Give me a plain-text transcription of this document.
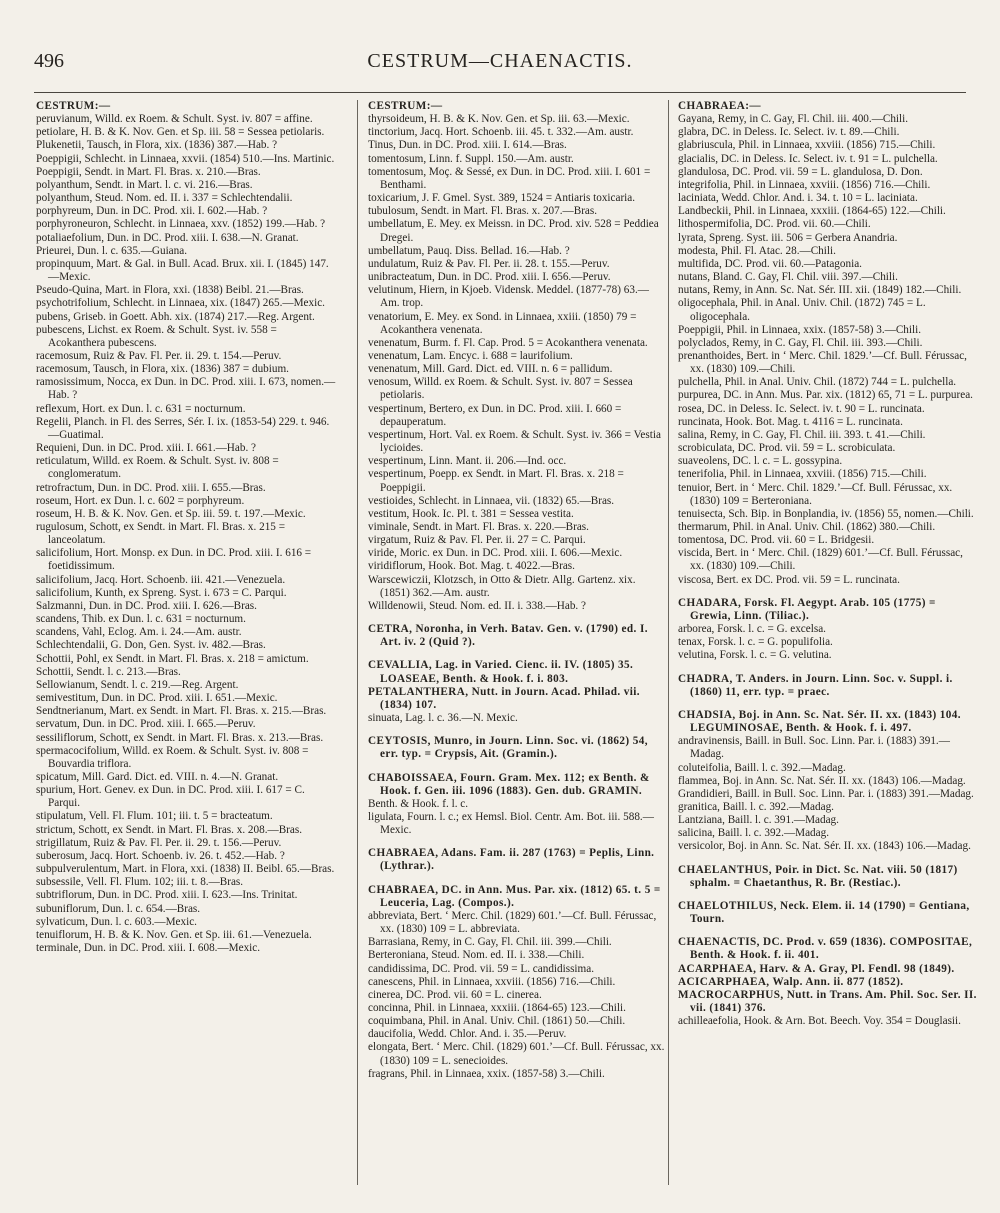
496	CESTRUM—CHAENACTIS.

CESTRUM:—

peruvianum, Willd. ex Roem. & Schult. Syst. iv. 807 = affine.

petiolare, H. B. & K. Nov. Gen. et Sp. iii. 58 = Sessea petiolaris.

Plukenetii, Tausch, in Flora, xix. (1836) 387.—Hab. ?

Poeppigii, Schlecht. in Linnaea, xxvii. (1854) 510.—Ins. Martinic.

Poeppigii, Sendt. in Mart. Fl. Bras. x. 210.—Bras.

polyanthum, Sendt. in Mart. l. c. vi. 216.—Bras.

polyanthum, Steud. Nom. ed. II. i. 337 = Schlechtendalii.

porphyreum, Dun. in DC. Prod. xii. I. 602.—Hab. ?

porphyroneuron, Schlecht. in Linnaea, xxv. (1852) 199.—Hab. ?

potaliaefolium, Dun. in DC. Prod. xiii. I. 638.—N. Granat.

Prieurei, Dun. l. c. 635.—Guiana.

propinquum, Mart. & Gal. in Bull. Acad. Brux. xii. I. (1845) 147.—Mexic.

Pseudo-Quina, Mart. in Flora, xxi. (1838) Beibl. 21.—Bras.

psychotrifolium, Schlecht. in Linnaea, xix. (1847) 265.—Mexic.

pubens, Griseb. in Goett. Abh. xix. (1874) 217.—Reg. Argent.

pubescens, Lichst. ex Roem. & Schult. Syst. iv. 558 = Acokanthera pubescens.

racemosum, Ruiz & Pav. Fl. Per. ii. 29. t. 154.—Peruv.

racemosum, Tausch, in Flora, xix. (1836) 387 = dubium.

ramosissimum, Nocca, ex Dun. in DC. Prod. xiii. I. 673, nomen.—Hab. ?

reflexum, Hort. ex Dun. l. c. 631 = nocturnum.

Regelii, Planch. in Fl. des Serres, Sér. I. ix. (1853-54) 229. t. 946.—Guatimal.

Requieni, Dun. in DC. Prod. xiii. I. 661.—Hab. ?

reticulatum, Willd. ex Roem. & Schult. Syst. iv. 808 = conglomeratum.

retrofractum, Dun. in DC. Prod. xiii. I. 655.—Bras.

roseum, Hort. ex Dun. l. c. 602 = porphyreum.

roseum, H. B. & K. Nov. Gen. et Sp. iii. 59. t. 197.—Mexic.

rugulosum, Schott, ex Sendt. in Mart. Fl. Bras. x. 215 = lanceolatum.

salicifolium, Hort. Monsp. ex Dun. in DC. Prod. xiii. I. 616 = foetidissimum.

salicifolium, Jacq. Hort. Schoenb. iii. 421.—Venezuela.

salicifolium, Kunth, ex Spreng. Syst. i. 673 = C. Parqui.

Salzmanni, Dun. in DC. Prod. xiii. I. 626.—Bras.

scandens, Thib. ex Dun. l. c. 631 = nocturnum.

scandens, Vahl, Eclog. Am. i. 24.—Am. austr.

Schlechtendalii, G. Don, Gen. Syst. iv. 482.—Bras.

Schottii, Pohl, ex Sendt. in Mart. Fl. Bras. x. 218 = amictum.

Schottii, Sendt. l. c. 213.—Bras.

Sellowianum, Sendt. l. c. 219.—Reg. Argent.

semivestitum, Dun. in DC. Prod. xiii. I. 651.—Mexic.

Sendtnerianum, Mart. ex Sendt. in Mart. Fl. Bras. x. 215.—Bras.

servatum, Dun. in DC. Prod. xiii. I. 665.—Peruv.

sessiliflorum, Schott, ex Sendt. in Mart. Fl. Bras. x. 213.—Bras.

spermacocifolium, Willd. ex Roem. & Schult. Syst. iv. 808 = Bouvardia triflora.

spicatum, Mill. Gard. Dict. ed. VIII. n. 4.—N. Granat.

spurium, Hort. Genev. ex Dun. in DC. Prod. xiii. I. 617 = C. Parqui.

stipulatum, Vell. Fl. Flum. 101; iii. t. 5 = bracteatum.

strictum, Schott, ex Sendt. in Mart. Fl. Bras. x. 208.—Bras.

strigillatum, Ruiz & Pav. Fl. Per. ii. 29. t. 156.—Peruv.

suberosum, Jacq. Hort. Schoenb. iv. 26. t. 452.—Hab. ?

subpulverulentum, Mart. in Flora, xxi. (1838) II. Beibl. 65.—Bras.

subsessile, Vell. Fl. Flum. 102; iii. t. 8.—Bras.

subtriflorum, Dun. in DC. Prod. xiii. I. 623.—Ins. Trinitat.

subuniflorum, Dun. l. c. 654.—Bras.

sylvaticum, Dun. l. c. 603.—Mexic.

tenuiflorum, H. B. & K. Nov. Gen. et Sp. iii. 61.—Venezuela.

terminale, Dun. in DC. Prod. xiii. I. 608.—Mexic.

CESTRUM:—

thyrsoideum, H. B. & K. Nov. Gen. et Sp. iii. 63.—Mexic.

tinctorium, Jacq. Hort. Schoenb. iii. 45. t. 332.—Am. austr.

Tinus, Dun. in DC. Prod. xiii. I. 614.—Bras.

tomentosum, Linn. f. Suppl. 150.—Am. austr.

tomentosum, Moç. & Sessé, ex Dun. in DC. Prod. xiii. I. 601 = Benthami.

toxicarium, J. F. Gmel. Syst. 389, 1524 = Antiaris toxicaria.

tubulosum, Sendt. in Mart. Fl. Bras. x. 207.—Bras.

umbellatum, E. Mey. ex Meissn. in DC. Prod. xiv. 528 = Peddiea Dregei.

umbellatum, Pauq. Diss. Bellad. 16.—Hab. ?

undulatum, Ruiz & Pav. Fl. Per. ii. 28. t. 155.—Peruv.

unibracteatum, Dun. in DC. Prod. xiii. I. 656.—Peruv.

velutinum, Hiern, in Kjoeb. Vidensk. Meddel. (1877-78) 63.—Am. trop.

venatorium, E. Mey. ex Sond. in Linnaea, xxiii. (1850) 79 = Acokanthera venenata.

venenatum, Burm. f. Fl. Cap. Prod. 5 = Acokanthera venenata.

venenatum, Lam. Encyc. i. 688 = laurifolium.

venenatum, Mill. Gard. Dict. ed. VIII. n. 6 = pallidum.

venosum, Willd. ex Roem. & Schult. Syst. iv. 807 = Sessea petiolaris.

vespertinum, Bertero, ex Dun. in DC. Prod. xiii. I. 660 = depauperatum.

vespertinum, Hort. Val. ex Roem. & Schult. Syst. iv. 366 = Vestia lycioides.

vespertinum, Linn. Mant. ii. 206.—Ind. occ.

vespertinum, Poepp. ex Sendt. in Mart. Fl. Bras. x. 218 = Poeppigii.

vestioides, Schlecht. in Linnaea, vii. (1832) 65.—Bras.

vestitum, Hook. Ic. Pl. t. 381 = Sessea vestita.

viminale, Sendt. in Mart. Fl. Bras. x. 220.—Bras.

virgatum, Ruiz & Pav. Fl. Per. ii. 27 = C. Parqui.

viride, Moric. ex Dun. in DC. Prod. xiii. I. 606.—Mexic.

viridiflorum, Hook. Bot. Mag. t. 4022.—Bras.

Warscewiczii, Klotzsch, in Otto & Dietr. Allg. Gartenz. xix. (1851) 362.—Am. austr.

Willdenowii, Steud. Nom. ed. II. i. 338.—Hab. ?

CETRA, Noronha, in Verh. Batav. Gen. v. (1790) ed. I. Art. iv. 2 (Quid ?).

CEVALLIA, Lag. in Varied. Cienc. ii. IV. (1805) 35. LOASEAE, Benth. & Hook. f. i. 803.

PETALANTHERA, Nutt. in Journ. Acad. Philad. vii. (1834) 107.

sinuata, Lag. l. c. 36.—N. Mexic.

CEYTOSIS, Munro, in Journ. Linn. Soc. vi. (1862) 54, err. typ. = Crypsis, Ait. (Gramin.).

CHABOISSAEA, Fourn. Gram. Mex. 112; ex Benth. & Hook. f. Gen. iii. 1096 (1883). Gen. dub. GRAMIN.

Benth. & Hook. f. l. c.

ligulata, Fourn. l. c.; ex Hemsl. Biol. Centr. Am. Bot. iii. 588.—Mexic.

CHABRAEA, Adans. Fam. ii. 287 (1763) = Peplis, Linn. (Lythrar.).

CHABRAEA, DC. in Ann. Mus. Par. xix. (1812) 65. t. 5 = Leuceria, Lag. (Compos.).

abbreviata, Bert. ‘ Merc. Chil. (1829) 601.’—Cf. Bull. Férussac, xx. (1830) 109 = L. abbreviata.

Barrasiana, Remy, in C. Gay, Fl. Chil. iii. 399.—Chili.

Berteroniana, Steud. Nom. ed. II. i. 338.—Chili.

candidissima, DC. Prod. vii. 59 = L. candidissima.

canescens, Phil. in Linnaea, xxviii. (1856) 716.—Chili.

cinerea, DC. Prod. vii. 60 = L. cinerea.

concinna, Phil. in Linnaea, xxxiii. (1864-65) 123.—Chili.

coquimbana, Phil. in Anal. Univ. Chil. (1861) 50.—Chili.

daucifolia, Wedd. Chlor. And. i. 35.—Peruv.

elongata, Bert. ‘ Merc. Chil. (1829) 601.’—Cf. Bull. Férussac, xx. (1830) 109 = L. senecioides.

fragrans, Phil. in Linnaea, xxix. (1857-58) 3.—Chili.

CHABRAEA:—

Gayana, Remy, in C. Gay, Fl. Chil. iii. 400.—Chili.

glabra, DC. in Deless. Ic. Select. iv. t. 89.—Chili.

glabriuscula, Phil. in Linnaea, xxviii. (1856) 715.—Chili.

glacialis, DC. in Deless. Ic. Select. iv. t. 91 = L. pulchella.

glandulosa, DC. Prod. vii. 59 = L. glandulosa, D. Don.

integrifolia, Phil. in Linnaea, xxviii. (1856) 716.—Chili.

laciniata, Wedd. Chlor. And. i. 34. t. 10 = L. laciniata.

Landbeckii, Phil. in Linnaea, xxxiii. (1864-65) 122.—Chili.

lithospermifolia, DC. Prod. vii. 60.—Chili.

lyrata, Spreng. Syst. iii. 506 = Gerbera Anandria.

modesta, Phil. Fl. Atac. 28.—Chili.

multifida, DC. Prod. vii. 60.—Patagonia.

nutans, Bland. C. Gay, Fl. Chil. viii. 397.—Chili.

nutans, Remy, in Ann. Sc. Nat. Sér. III. xii. (1849) 182.—Chili.

oligocephala, Phil. in Anal. Univ. Chil. (1872) 745 = L. oligocephala.

Poeppigii, Phil. in Linnaea, xxix. (1857-58) 3.—Chili.

polyclados, Remy, in C. Gay, Fl. Chil. iii. 393.—Chili.

prenanthoides, Bert. in ‘ Merc. Chil. 1829.’—Cf. Bull. Férussac, xx. (1830) 109.—Chili.

pulchella, Phil. in Anal. Univ. Chil. (1872) 744 = L. pulchella.

purpurea, DC. in Ann. Mus. Par. xix. (1812) 65, 71 = L. purpurea.

rosea, DC. in Deless. Ic. Select. iv. t. 90 = L. runcinata.

runcinata, Hook. Bot. Mag. t. 4116 = L. runcinata.

salina, Remy, in C. Gay, Fl. Chil. iii. 393. t. 41.—Chili.

scrobiculata, DC. Prod. vii. 59 = L. scrobiculata.

suaveolens, DC. l. c. = L. gossypina.

tenerifolia, Phil. in Linnaea, xxviii. (1856) 715.—Chili.

tenuior, Bert. in ‘ Merc. Chil. 1829.’—Cf. Bull. Férussac, xx. (1830) 109 = Berteroniana.

tenuisecta, Sch. Bip. in Bonplandia, iv. (1856) 55, nomen.—Chili.

thermarum, Phil. in Anal. Univ. Chil. (1862) 380.—Chili.

tomentosa, DC. Prod. vii. 60 = L. Bridgesii.

viscida, Bert. in ‘ Merc. Chil. (1829) 601.’—Cf. Bull. Férussac, xx. (1830) 109.—Chili.

viscosa, Bert. ex DC. Prod. vii. 59 = L. runcinata.

CHADARA, Forsk. Fl. Aegypt. Arab. 105 (1775) = Grewia, Linn. (Tiliac.).

arborea, Forsk. l. c. = G. excelsa.

tenax, Forsk. l. c. = G. populifolia.

velutina, Forsk. l. c. = G. velutina.

CHADRA, T. Anders. in Journ. Linn. Soc. v. Suppl. i. (1860) 11, err. typ. = praec.

CHADSIA, Boj. in Ann. Sc. Nat. Sér. II. xx. (1843) 104. LEGUMINOSAE, Benth. & Hook. f. i. 497.

andravinensis, Baill. in Bull. Soc. Linn. Par. i. (1883) 391.—Madag.

coluteifolia, Baill. l. c. 392.—Madag.

flammea, Boj. in Ann. Sc. Nat. Sér. II. xx. (1843) 106.—Madag.

Grandidieri, Baill. in Bull. Soc. Linn. Par. i. (1883) 391.—Madag.

granitica, Baill. l. c. 392.—Madag.

Lantziana, Baill. l. c. 391.—Madag.

salicina, Baill. l. c. 392.—Madag.

versicolor, Boj. in Ann. Sc. Nat. Sér. II. xx. (1843) 106.—Madag.

CHAELANTHUS, Poir. in Dict. Sc. Nat. viii. 50 (1817) sphalm. = Chaetanthus, R. Br. (Restiac.).

CHAELOTHILUS, Neck. Elem. ii. 14 (1790) = Gentiana, Tourn.

CHAENACTIS, DC. Prod. v. 659 (1836). COMPOSITAE, Benth. & Hook. f. ii. 401.

ACARPHAEA, Harv. & A. Gray, Pl. Fendl. 98 (1849).

ACICARPHAEA, Walp. Ann. ii. 877 (1852).

MACROCARPHUS, Nutt. in Trans. Am. Phil. Soc. Ser. II. vii. (1841) 376.

achilleaefolia, Hook. & Arn. Bot. Beech. Voy. 354 = Douglasii.
